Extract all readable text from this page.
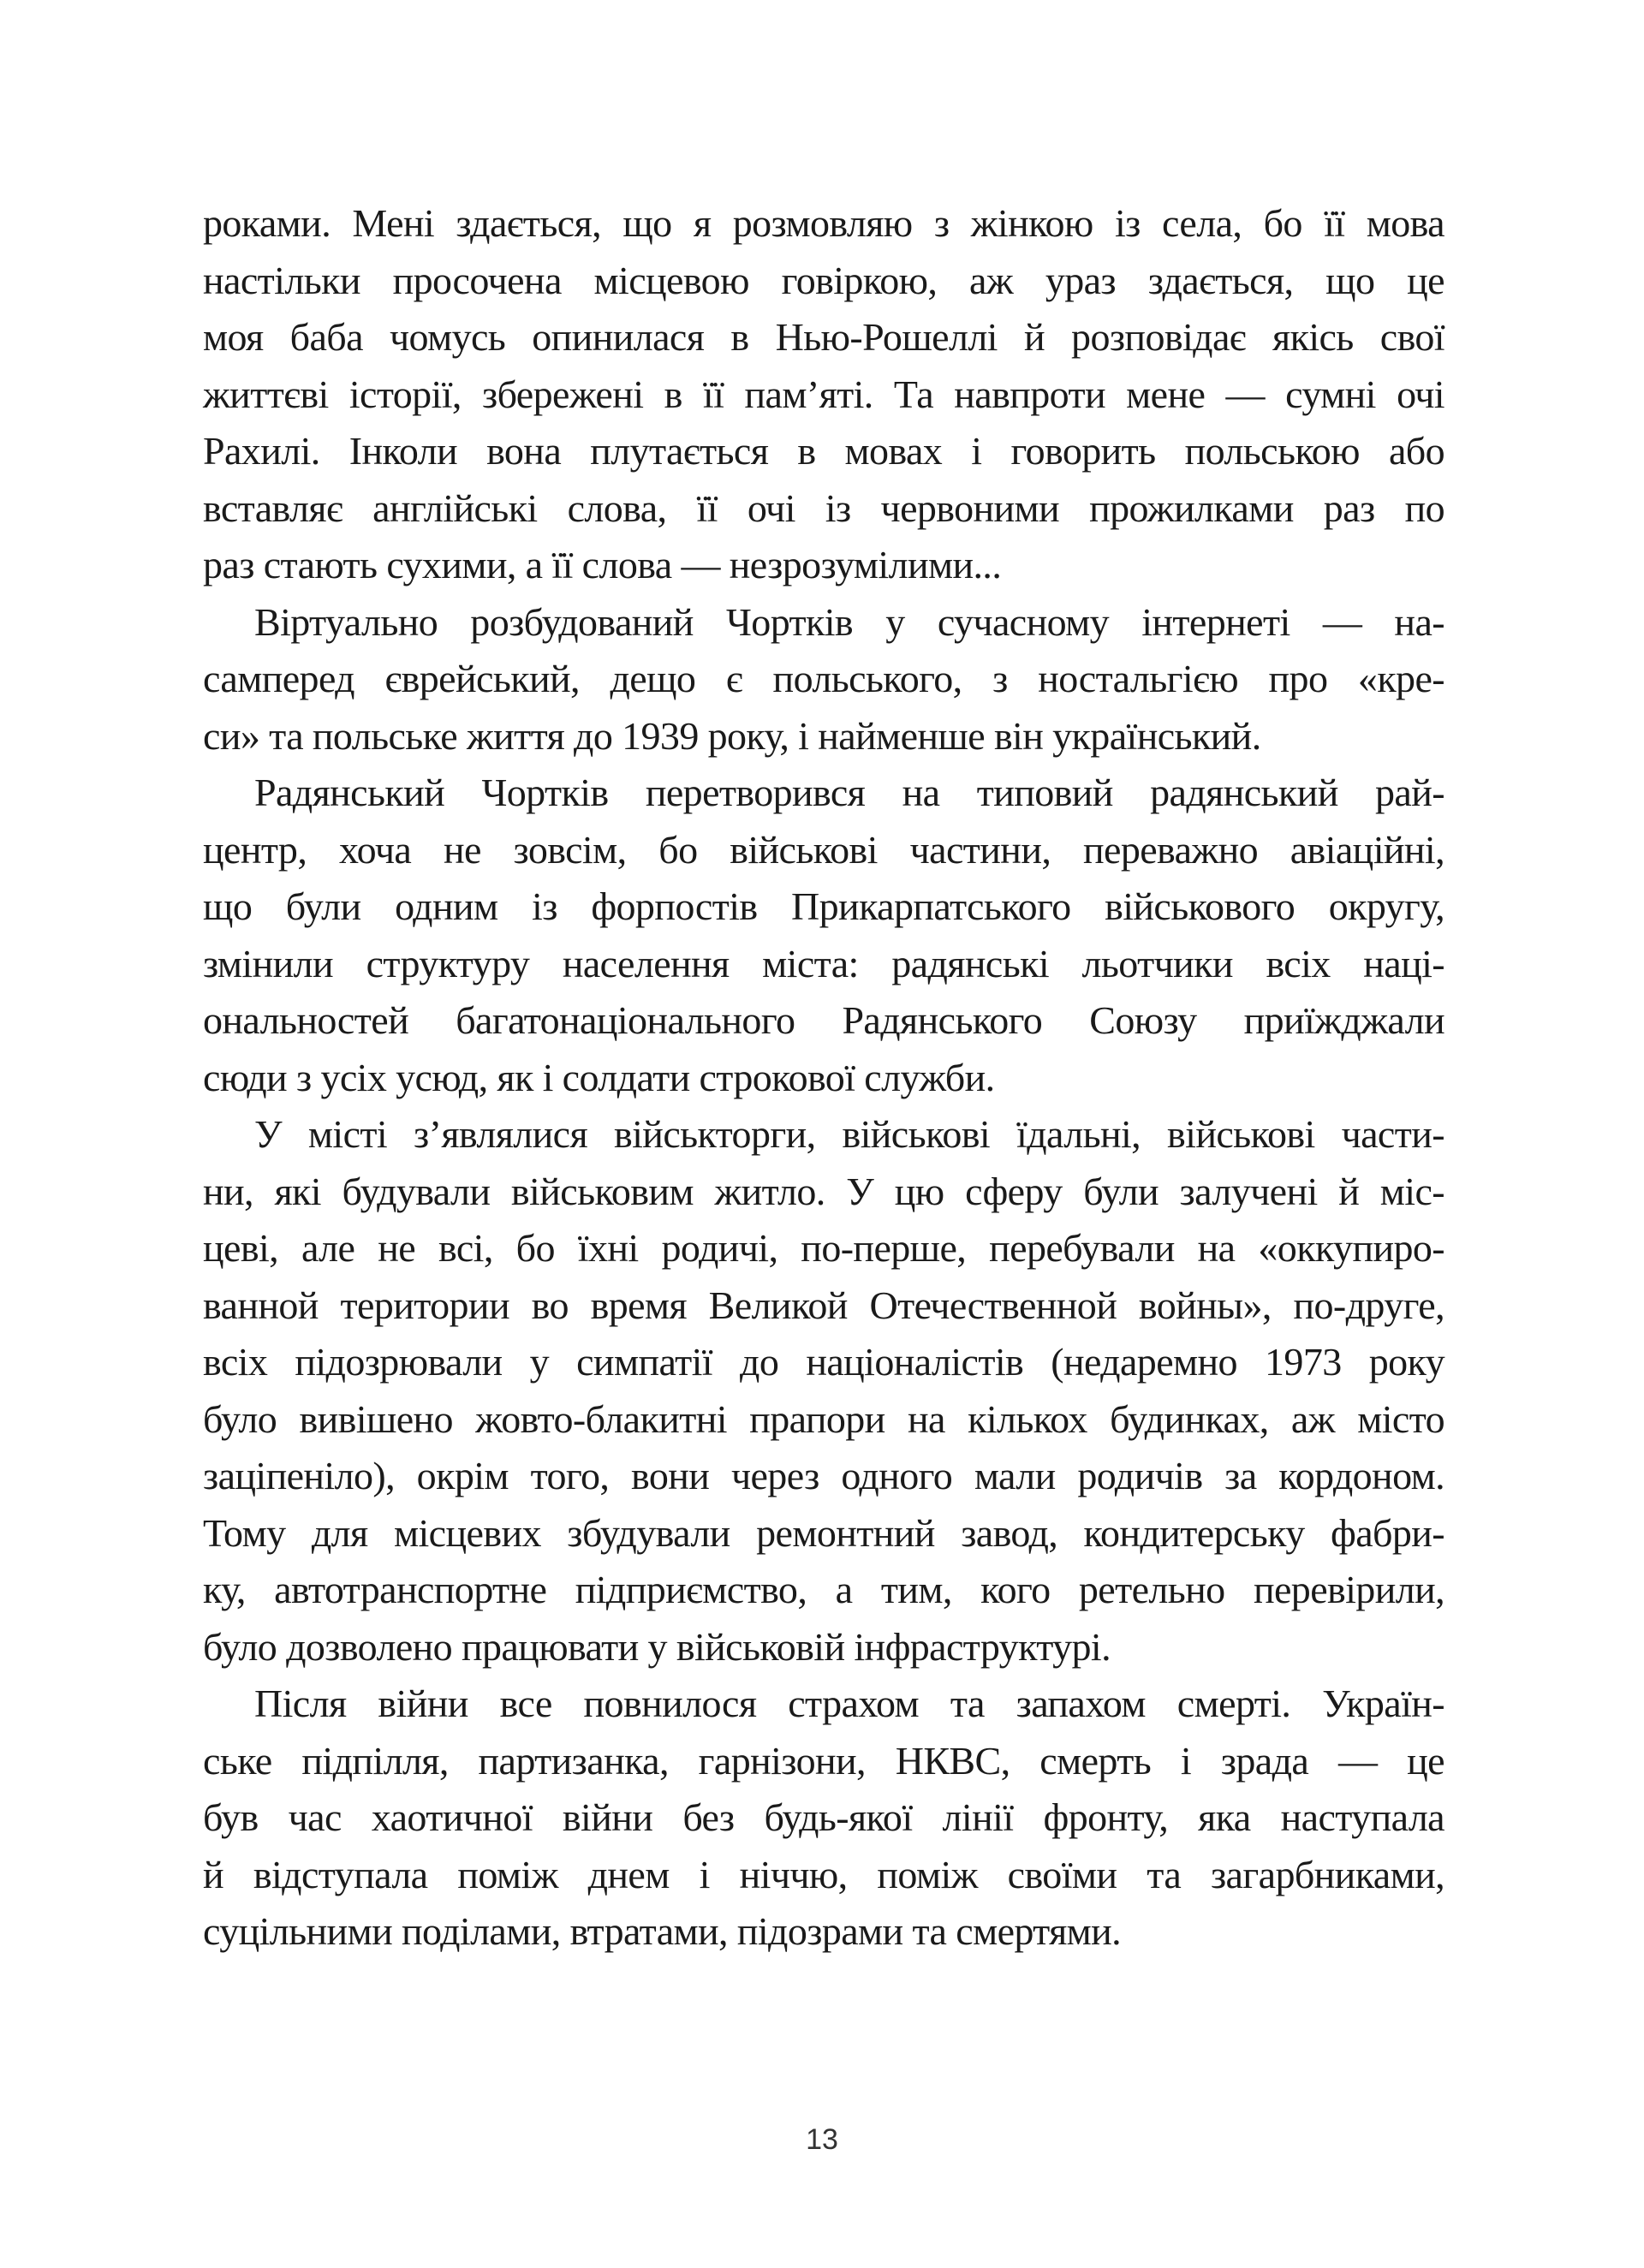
роками. Мені здається, що я розмовляю з жінкою із села, бо її мова
настільки просочена місцевою говіркою, аж ураз здається, що це
моя баба чомусь опинилася в Нью-Рошеллі й розповідає якісь свої
життєві історії, збережені в її пам’яті. Та навпроти мене — сумні очі
Рахилі. Інколи вона плутається в мовах і говорить польською або
вставляє англійські слова, її очі із червоними прожилками раз по
раз стають сухими, а її слова — незрозумілими...
Віртуально розбудований Чортків у сучасному інтернеті — на-
самперед єврейський, дещо є польського, з ностальгією про «кре-
си» та польське життя до 1939 року, і найменше він український.
Радянський Чортків перетворився на типовий радянський рай-
центр, хоча не зовсім, бо військові частини, переважно авіаційні,
що були одним із форпостів Прикарпатського військового округу,
змінили структуру населення міста: радянські льотчики всіх наці-
ональностей багатонаціонального Радянського Союзу приїжджали
сюди з усіх усюд, як і солдати строкової служби.
У місті з’являлися військторги, військові їдальні, військові части-
ни, які будували військовим житло. У цю сферу були залучені й міс-
цеві, але не всі, бо їхні родичі, по-перше, перебували на «оккупиро-
ванной територии во время Великой Отечественной войны», по-друге,
всіх підозрювали у симпатії до націоналістів (недаремно 1973 року
було вивішено жовто-блакитні прапори на кількох будинках, аж місто
заціпеніло), окрім того, вони через одного мали родичів за кордоном.
Тому для місцевих збудували ремонтний завод, кондитерську фабри-
ку, автотранспортне підприємство, а тим, кого ретельно перевірили,
було дозволено працювати у військовій інфраструктурі.
Після війни все повнилося страхом та запахом смерті. Україн-
ське підпілля, партизанка, гарнізони, НКВС, смерть і зрада — це
був час хаотичної війни без будь-якої лінії фронту, яка наступала
й відступала поміж днем і ніччю, поміж своїми та загарбниками,
суцільними поділами, втратами, підозрами та смертями.
13
